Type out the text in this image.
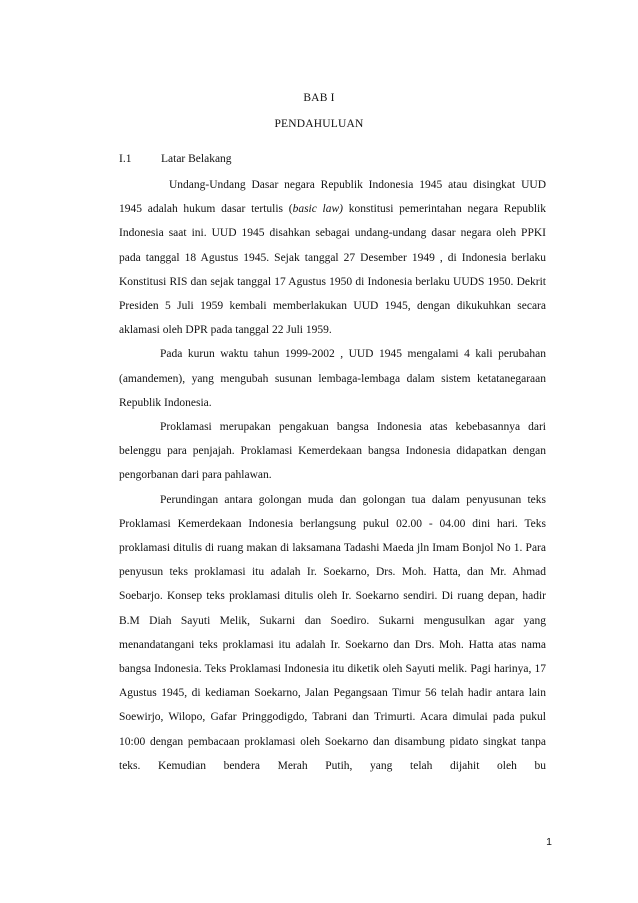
BAB I
PENDAHULUAN
I.1	Latar Belakang

Undang-Undang Dasar negara Republik Indonesia 1945 atau disingkat UUD 1945 adalah hukum dasar tertulis (basic law) konstitusi pemerintahan negara Republik Indonesia saat ini. UUD 1945 disahkan sebagai undang-undang dasar negara oleh PPKI pada tanggal 18 Agustus 1945. Sejak tanggal 27 Desember 1949 , di Indonesia berlaku Konstitusi RIS dan sejak tanggal 17 Agustus 1950 di Indonesia berlaku UUDS 1950. Dekrit Presiden 5 Juli 1959 kembali memberlakukan UUD 1945, dengan dikukuhkan secara aklamasi oleh DPR pada tanggal 22 Juli 1959.

Pada kurun waktu tahun 1999-2002 , UUD 1945 mengalami 4 kali perubahan (amandemen), yang mengubah susunan lembaga-lembaga dalam sistem ketatanegaraan Republik Indonesia.

Proklamasi merupakan pengakuan bangsa Indonesia atas kebebasannya dari belenggu para penjajah. Proklamasi Kemerdekaan bangsa Indonesia didapatkan dengan pengorbanan dari para pahlawan.

Perundingan antara golongan muda dan golongan tua dalam penyusunan teks Proklamasi Kemerdekaan Indonesia berlangsung pukul 02.00 - 04.00 dini hari. Teks proklamasi ditulis di ruang makan di laksamana Tadashi Maeda jln Imam Bonjol No 1. Para penyusun teks proklamasi itu adalah Ir. Soekarno, Drs. Moh. Hatta, dan Mr. Ahmad Soebarjo. Konsep teks proklamasi ditulis oleh Ir. Soekarno sendiri. Di ruang depan, hadir B.M Diah Sayuti Melik, Sukarni dan Soediro. Sukarni mengusulkan agar yang menandatangani teks proklamasi itu adalah Ir. Soekarno dan Drs. Moh. Hatta atas nama bangsa Indonesia. Teks Proklamasi Indonesia itu diketik oleh Sayuti melik. Pagi harinya, 17 Agustus 1945, di kediaman Soekarno, Jalan Pegangsaan Timur 56 telah hadir antara lain Soewirjo, Wilopo, Gafar Pringgodigdo, Tabrani dan Trimurti. Acara dimulai pada pukul 10:00 dengan pembacaan proklamasi oleh Soekarno dan disambung pidato singkat tanpa teks. Kemudian bendera Merah Putih, yang telah dijahit oleh bu

1
